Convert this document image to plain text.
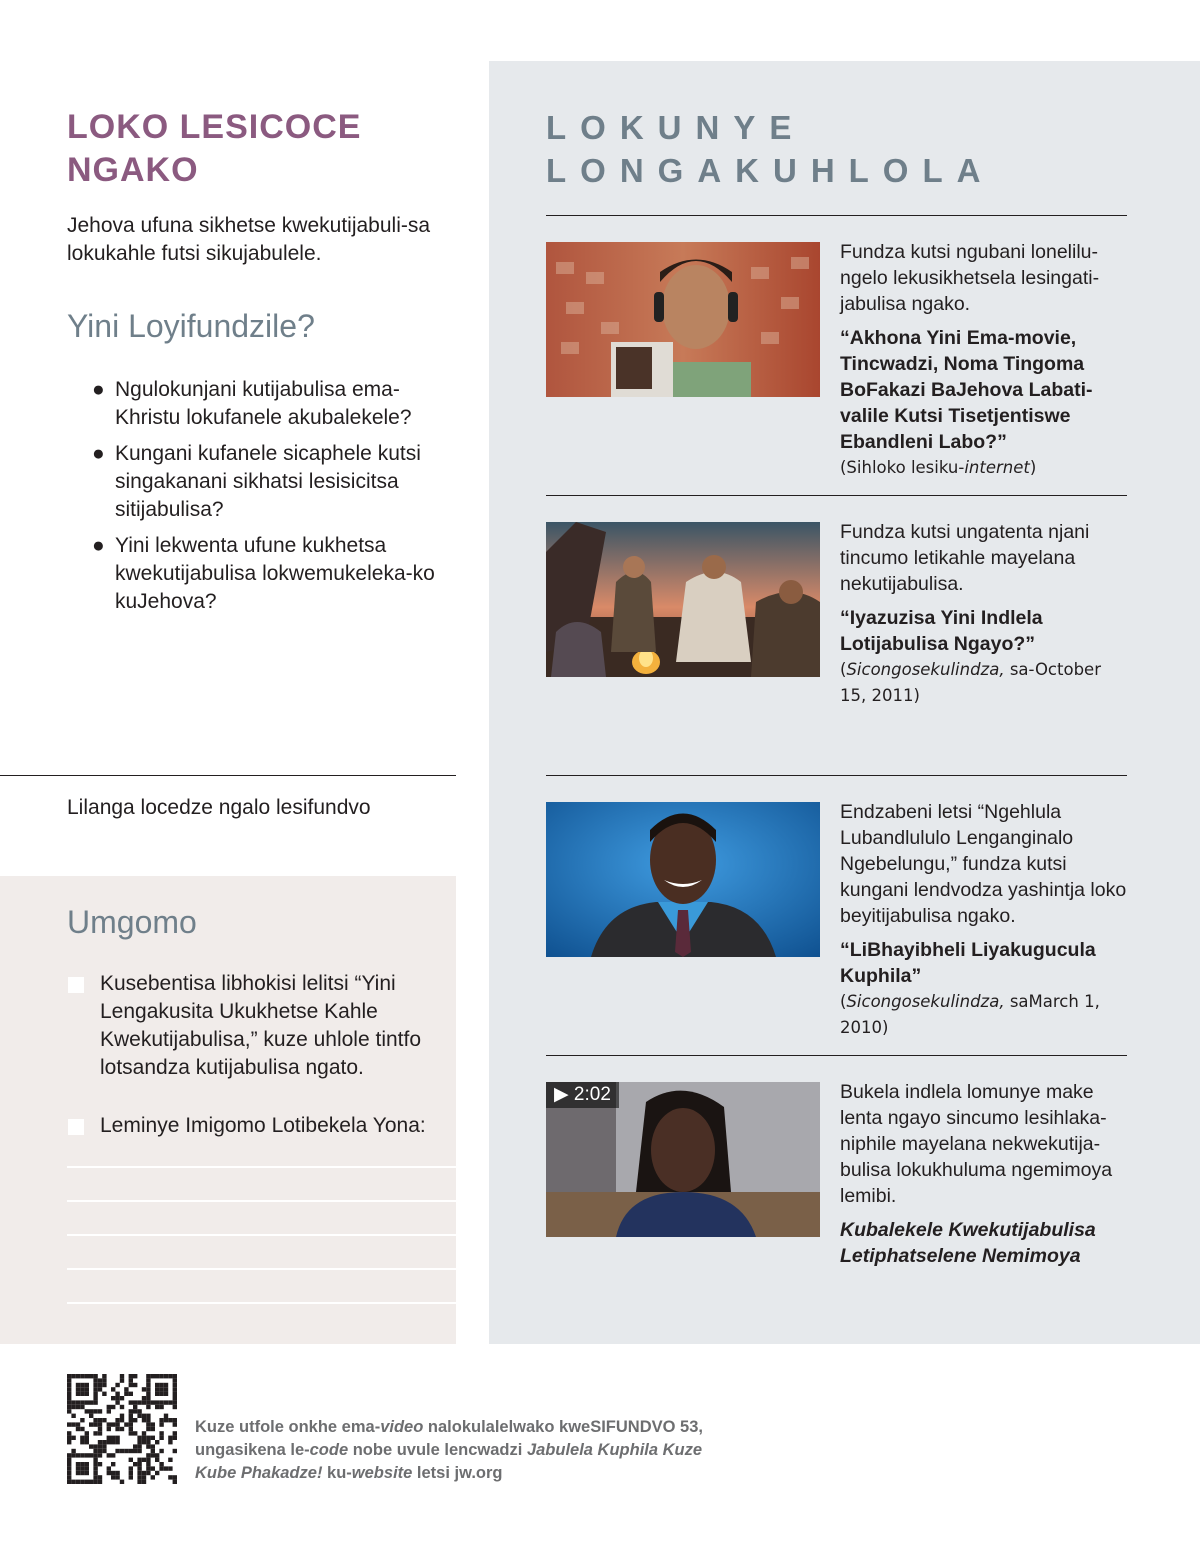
LOKO LESICOCE
NGAKO
Jehova ufuna sikhetse kwekutijabuli-sa lokukahle futsi sikujabulele.
Yini Loyifundzile?
● Ngulokunjani kutijabulisa ema-Khristu lokufanele akubalekele?
● Kungani kufanele sicaphele kutsi singakanani sikhatsi lesisicitsa sitijabulisa?
● Yini lekwenta ufune kukhetsa kwekutijabulisa lokwemukeleka-ko kuJehova?
Lilanga locedze ngalo lesifundvo
Umgomo
Kusebentisa libhokisi lelitsi “Yini Lengakusita Ukukhetse Kahle Kwekutijabulisa,” kuze uhlole tintfo lotsandza kutijabulisa ngato.
Leminye Imigomo Lotibekela Yona:
LOKUNYE
LONGAKUHLOLA
Fundza kutsi ngubani lonelilu-ngelo lekusikhetsela lesingati-jabulisa ngako.
“Akhona Yini Ema-movie, Tincwadzi, Noma Tingoma BoFakazi BaJehova Labati-valile Kutsi Tisetjentiswe Ebandleni Labo?”
(Sihloko lesiku-internet)
Fundza kutsi ungatenta njani tincumo letikahle mayelana nekutijabulisa.
“Iyazuzisa Yini Indlela Lotijabulisa Ngayo?”
(Sicongosekulindza, sa-October 15, 2011)
Endzabeni letsi “Ngehlula Lubandlululo Lenganginalo Ngebelungu,” fundza kutsi kungani lendvodza yashintja loko beyitijabulisa ngako.
“LiBhayibheli Liyakugucula Kuphila”
(Sicongosekulindza, saMarch 1, 2010)
▶ 2:02	Bukela indlela lomunye make lenta ngayo sincumo lesihlaka-niphile mayelana nekwekutija-bulisa lokukhuluma ngemimoya lemibi.
Kubalekele Kwekutijabulisa Letiphatselene Nemimoya
Kuze utfole onkhe ema-video nalokulalelwako kweSIFUNDVO 53,
ungasikena le-code nobe uvule lencwadzi Jabulela Kuphila Kuze
Kube Phakadze! ku-website letsi jw.org
